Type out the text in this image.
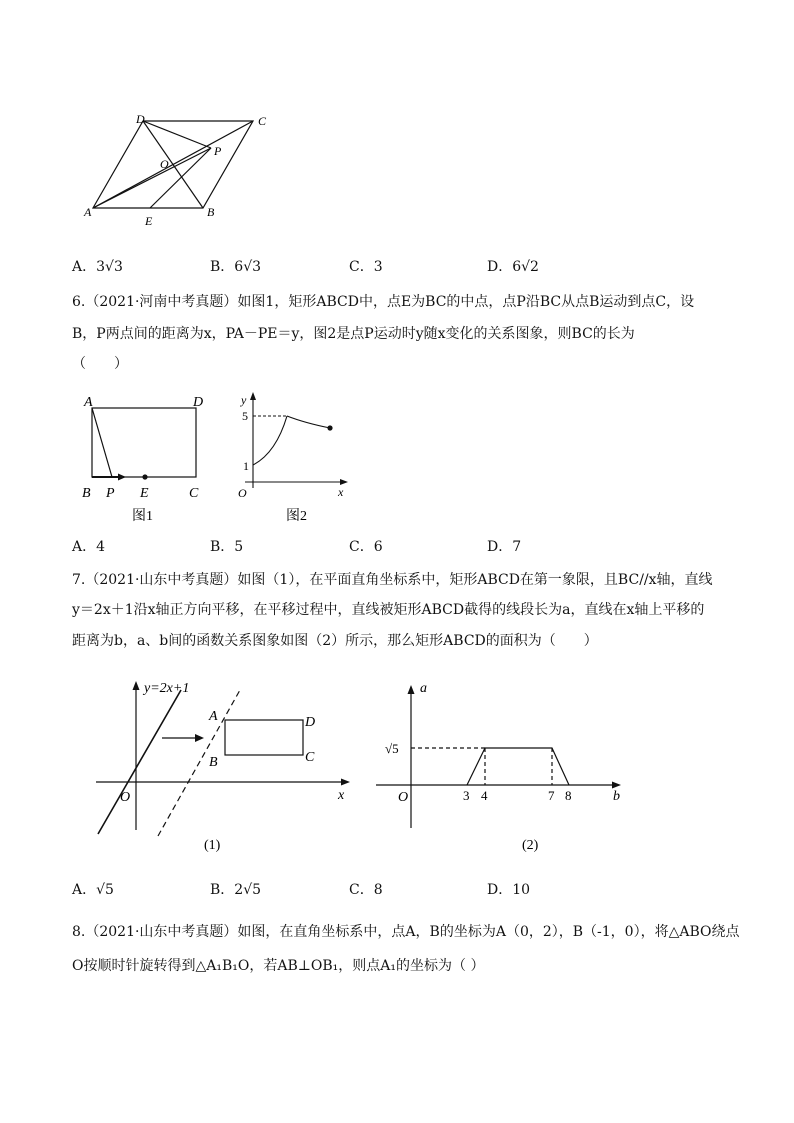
D	C
P
O
A
E
B
A．3√3	B．6√3	C．3	D．6√2
6.（2021·河南中考真题）如图1，矩形ABCD中，点E为BC的中点，点P沿BC从点B运动到点C，设
B，P两点间的距离为x，PA－PE＝y，图2是点P运动时y随x变化的关系图象，则BC的长为
（　　）
A	D
B P E	C
图1
y
5
1
O	x
图2
A．4	B．5	C．6	D．7
7.（2021·山东中考真题）如图（1），在平面直角坐标系中，矩形ABCD在第一象限，且BC//x轴，直线
y＝2x＋1沿x轴正方向平移，在平移过程中，直线被矩形ABCD截得的线段长为a，直线在x轴上平移的
距离为b，a、b间的函数关系图象如图（2）所示，那么矩形ABCD的面积为（　　）
y=2x+1
A	D
B	C
O	x
(1)
a
√5
O	3 4	7 8	b
(2)
A．√5	B．2√5	C．8	D．10
8.（2021·山东中考真题）如图，在直角坐标系中，点A，B的坐标为A（0，2），B（-1，0），将△ABO绕点
O按顺时针旋转得到△A₁B₁O，若AB⊥OB₁，则点A₁的坐标为（ ）
